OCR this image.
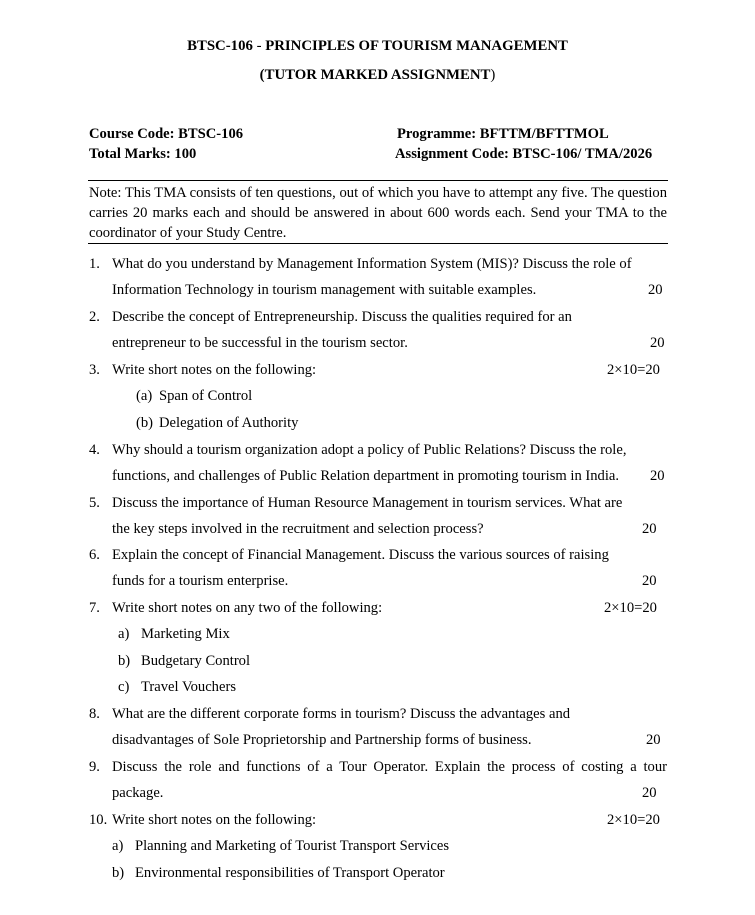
BTSC-106 - PRINCIPLES OF TOURISM MANAGEMENT
(TUTOR MARKED ASSIGNMENT)
Course Code: BTSC-106
Total Marks: 100
Programme: BFTTM/BFTTMOL
Assignment Code: BTSC-106/ TMA/2026
Note: This TMA consists of ten questions, out of which you have to attempt any five. The question carries 20 marks each and should be answered in about 600 words each. Send your TMA to the coordinator of your Study Centre.
1. What do you understand by Management Information System (MIS)? Discuss the role of
Information Technology in tourism management with suitable examples.	20
2. Describe the concept of Entrepreneurship. Discuss the qualities required for an
entrepreneur to be successful in the tourism sector.	20
3. Write short notes on the following:	2×10=20
(a) Span of Control
(b) Delegation of Authority
4. Why should a tourism organization adopt a policy of Public Relations? Discuss the role,
functions, and challenges of Public Relation department in promoting tourism in India. 20
5. Discuss the importance of Human Resource Management in tourism services. What are
the key steps involved in the recruitment and selection process?	20
6. Explain the concept of Financial Management. Discuss the various sources of raising
funds for a tourism enterprise.	20
7. Write short notes on any two of the following:	2×10=20
a) Marketing Mix
b) Budgetary Control
c) Travel Vouchers
8. What are the different corporate forms in tourism? Discuss the advantages and
disadvantages of Sole Proprietorship and Partnership forms of business.	20
9. Discuss the role and functions of a Tour Operator. Explain the process of costing a tour
package.	20
10. Write short notes on the following:	2×10=20
a) Planning and Marketing of Tourist Transport Services
b) Environmental responsibilities of Transport Operator
